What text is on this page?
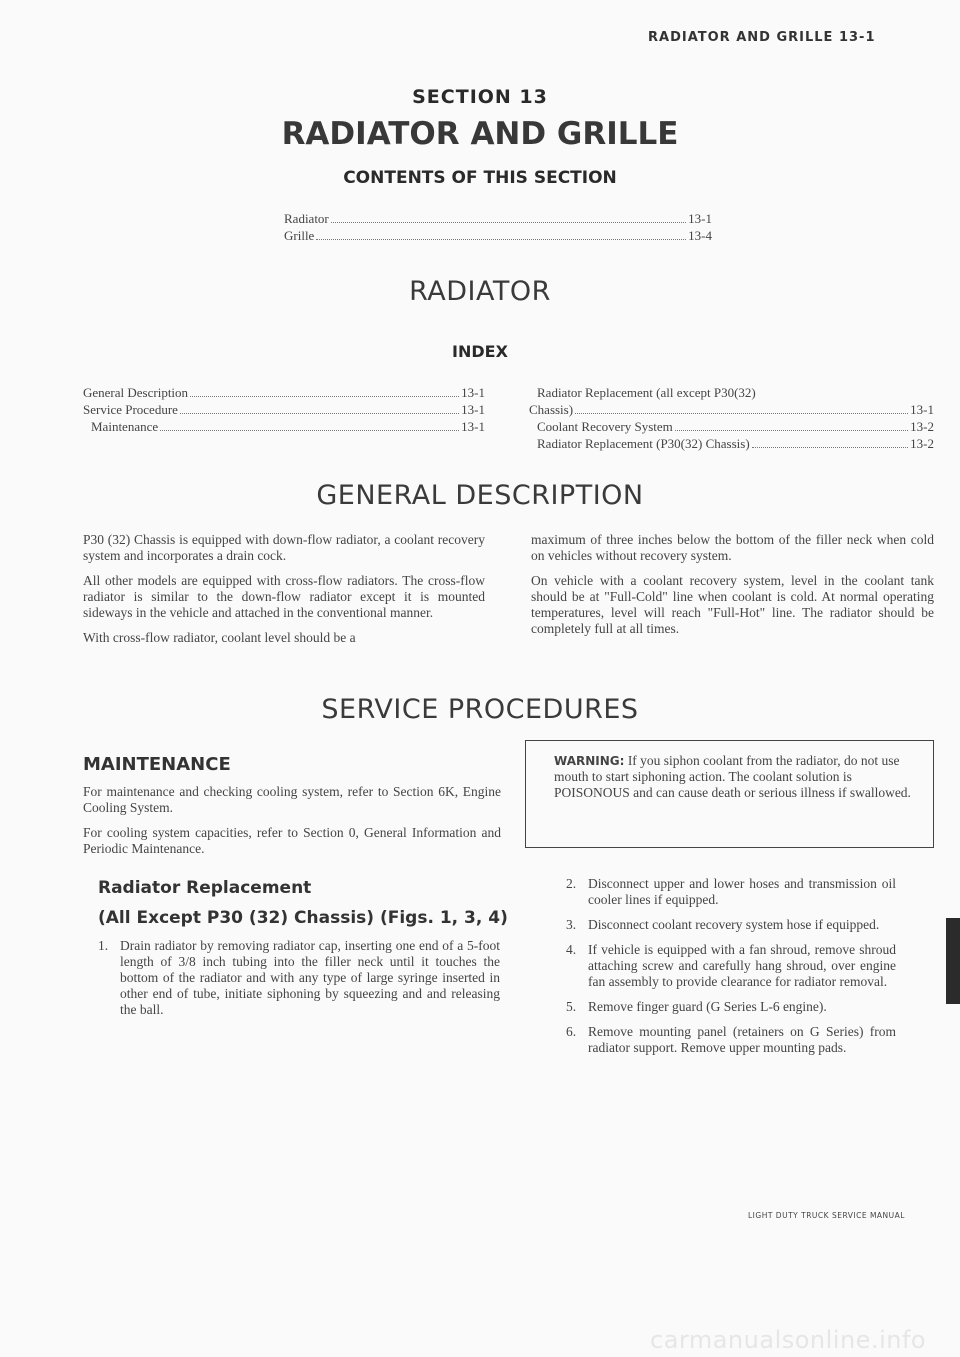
RADIATOR AND GRILLE 13-1
SECTION 13
RADIATOR AND GRILLE
CONTENTS OF THIS SECTION
Radiator	13-1
Grille	13-4
RADIATOR
INDEX
General Description	13-1
Service Procedure	13-1
Maintenance	13-1
Radiator Replacement (all except P30(32)
Chassis)	13-1
Coolant Recovery System	13-2
Radiator Replacement (P30(32) Chassis)	13-2
GENERAL DESCRIPTION

P30 (32) Chassis is equipped with down-flow radiator, a coolant recovery system and incorporates a drain cock.

All other models are equipped with cross-flow radiators. The cross-flow radiator is similar to the down-flow radiator except it is mounted sideways in the vehicle and attached in the conventional manner.

With cross-flow radiator, coolant level should be a

maximum of three inches below the bottom of the filler neck when cold on vehicles without recovery system.

On vehicle with a coolant recovery system, level in the coolant tank should be at "Full-Cold" line when coolant is cold. At normal operating temperatures, level will reach "Full-Hot" line. The radiator should be completely full at all times.

SERVICE PROCEDURES
MAINTENANCE

For maintenance and checking cooling system, refer to Section 6K, Engine Cooling System.

For cooling system capacities, refer to Section 0, General Information and Periodic Maintenance.

Radiator Replacement
(All Except P30 (32) Chassis) (Figs. 1, 3, 4)
1. Drain radiator by removing radiator cap, inserting one end of a 5-foot length of 3/8 inch tubing into the filler neck until it touches the bottom of the radiator and with any type of large syringe inserted in other end of tube, initiate siphoning by squeezing and and releasing the ball.

WARNING: If you siphon coolant from the radiator, do not use mouth to start siphoning action. The coolant solution is POISONOUS and can cause death or serious illness if swallowed.

2. Disconnect upper and lower hoses and transmission oil cooler lines if equipped.
3. Disconnect coolant recovery system hose if equipped.
4. If vehicle is equipped with a fan shroud, remove shroud attaching screw and carefully hang shroud, over engine fan assembly to provide clearance for radiator removal.
5. Remove finger guard (G Series L-6 engine).
6. Remove mounting panel (retainers on G Series) from radiator support. Remove upper mounting pads.
LIGHT DUTY TRUCK SERVICE MANUAL
carmanualsonline.info
